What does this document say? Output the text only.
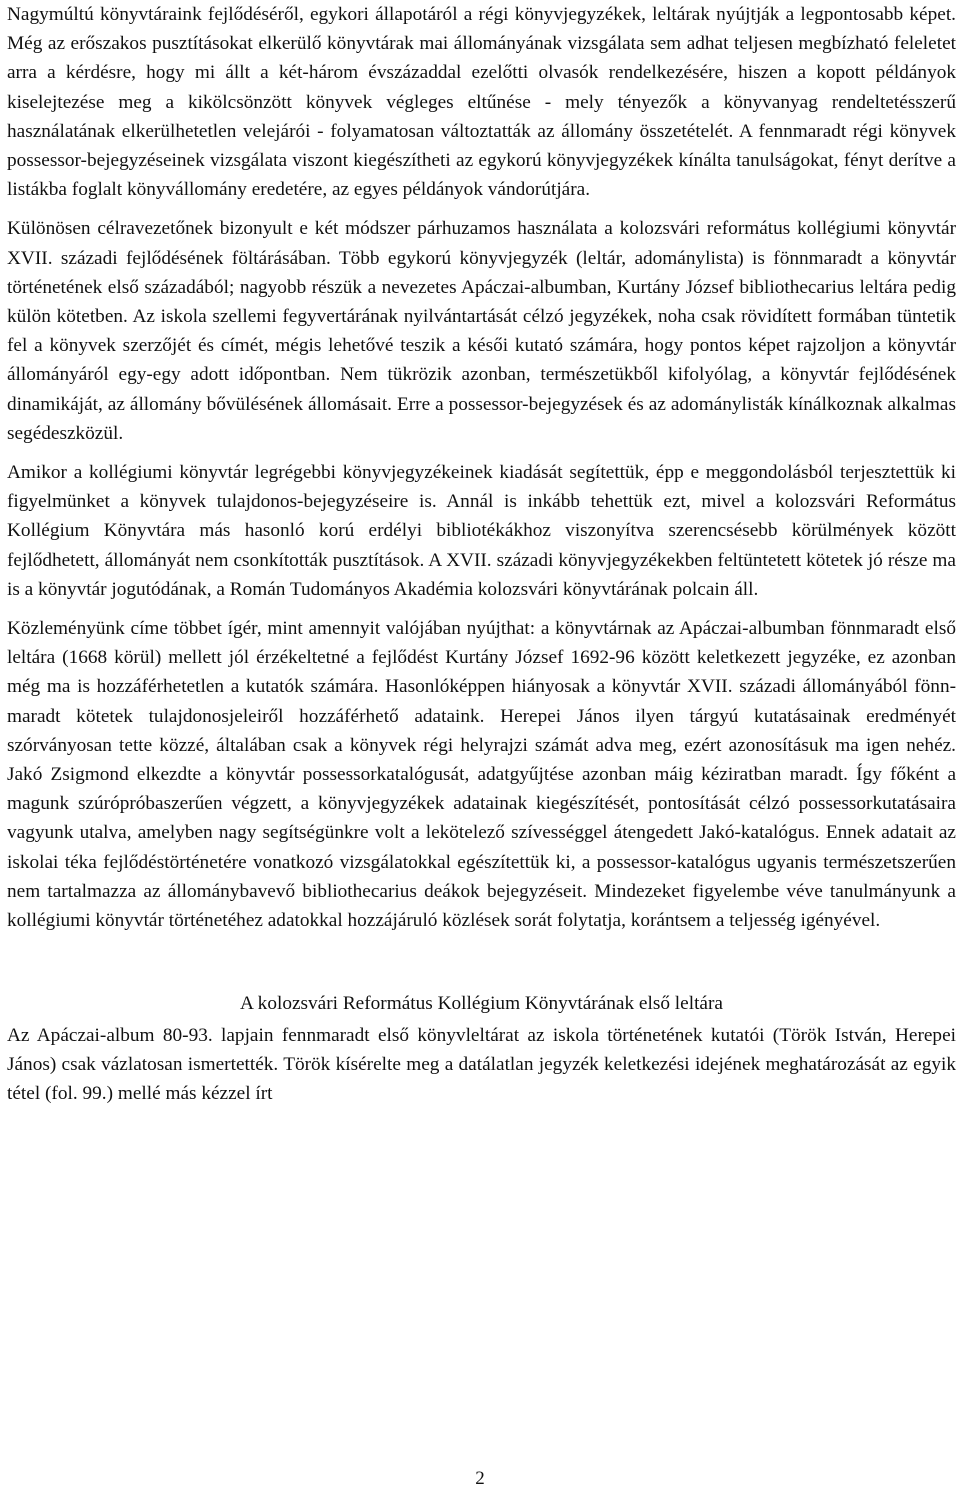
Nagymúltú könyvtáraink fejlődéséről, egykori állapotáról a régi könyvjegyzékek, leltárak nyújtják a legpontosabb képet. Még az erőszakos pusztításokat elkerülő könyvtárak mai állományának vizsgálata sem adhat teljesen megbízható feleletet arra a kérdésre, hogy mi állt a két-három évszázaddal ezelőtti olvasók rendelkezésére, hiszen a kopott példányok kiselejtezése meg a kikölcsönzött könyvek végleges eltűnése - mely tényezők a könyvanyag rendeltetésszerű használatának elkerülhetetlen velejárói - folyamatosan változtatták az állomány összetételét. A fennmaradt régi könyvek possessor-bejegyzéseinek vizsgálata viszont kiegészítheti az egykorú könyvjegyzékek kínálta tanulságokat, fényt derítve a listákba foglalt könyvállomány eredetére, az egyes példányok vándorútjára.

Különösen célravezetőnek bizonyult e két módszer párhuzamos használata a kolozsvári református kollégiumi könyvtár XVII. századi fejlődésének föltárásában. Több egykorú könyvjegyzék (leltár, adománylista) is fönnmaradt a könyvtár történetének első századából; nagyobb részük a nevezetes Apáczai-albumban, Kurtány József bibliothecarius leltára pedig külön kötetben. Az iskola szellemi fegyvertárának nyilvántartását célzó jegyzékek, noha csak rövidített formában tüntetik fel a könyvek szerzőjét és címét, mégis lehetővé teszik a késői kutató számára, hogy pontos képet rajzoljon a könyvtár állományáról egy-egy adott időpontban. Nem tükrözik azonban, természetükből kifolyólag, a könyvtár fejlődésének dinamikáját, az állomány bővülésének állomásait. Erre a possessor-bejegyzések és az adománylisták kínálkoznak alkalmas segédeszközül.

Amikor a kollégiumi könyvtár legrégebbi könyvjegyzékeinek kiadását segítettük, épp e meggondolásból terjesztettük ki figyelmünket a könyvek tulajdonos-bejegyzéseire is. Annál is inkább tehettük ezt, mivel a kolozsvári Református Kollégium Könyvtára más hasonló korú erdélyi bibliotékákhoz viszonyítva szerencsésebb körülmények között fejlődhetett, állományát nem csonkították pusztítások. A XVII. századi könyvjegyzékekben feltüntetett kötetek jó része ma is a könyvtár jogutódának, a Román Tudományos Akadémia kolozsvári könyvtárának polcain áll.

Közleményünk címe többet ígér, mint amennyit valójában nyújthat: a könyvtárnak az Apáczai-albumban fönnmaradt első leltára (1668 körül) mellett jól érzékeltetné a fejlődést Kurtány József 1692-96 között keletkezett jegyzéke, ez azonban még ma is hozzáférhetetlen a kutatók számára. Hasonlóképpen hiányosak a könyvtár XVII. századi állományából fönnmaradt kötetek tulajdonosjeleiről hozzáférhető adataink. Herepei János ilyen tárgyú kutatásainak eredményét szórványosan tette közzé, általában csak a könyvek régi helyrajzi számát adva meg, ezért azonosításuk ma igen nehéz. Jakó Zsigmond elkezdte a könyvtár possessorkatalógusát, adatgyűjtése azonban máig kéziratban maradt. Így főként a magunk szúrópróbaszerűen végzett, a könyvjegyzékek adatainak kiegészítését, pontosítását célzó possessorkutatásaira vagyunk utalva, amelyben nagy segítségünkre volt a lekötelező szívességgel átengedett Jakó-katalógus. Ennek adatait az iskolai téka fejlődéstörténetére vonatkozó vizsgálatokkal egészítettük ki, a possessor-katalógus ugyanis természetszerűen nem tartalmazza az állománybavevő bibliothecarius deákok bejegyzéseit. Mindezeket figyelembe véve tanulmányunk a kollégiumi könyvtár történetéhez adatokkal hozzájáruló közlések sorát folytatja, korántsem a teljesség igényével.

A kolozsvári Református Kollégium Könyvtárának első leltára

Az Apáczai-album 80-93. lapjain fennmaradt első könyvleltárat az iskola történetének kutatói (Török István, Herepei János) csak vázlatosan ismertették. Török kísérelte meg a datálatlan jegyzék keletkezési idejének meghatározását az egyik tétel (fol. 99.) mellé más kézzel írt

2
